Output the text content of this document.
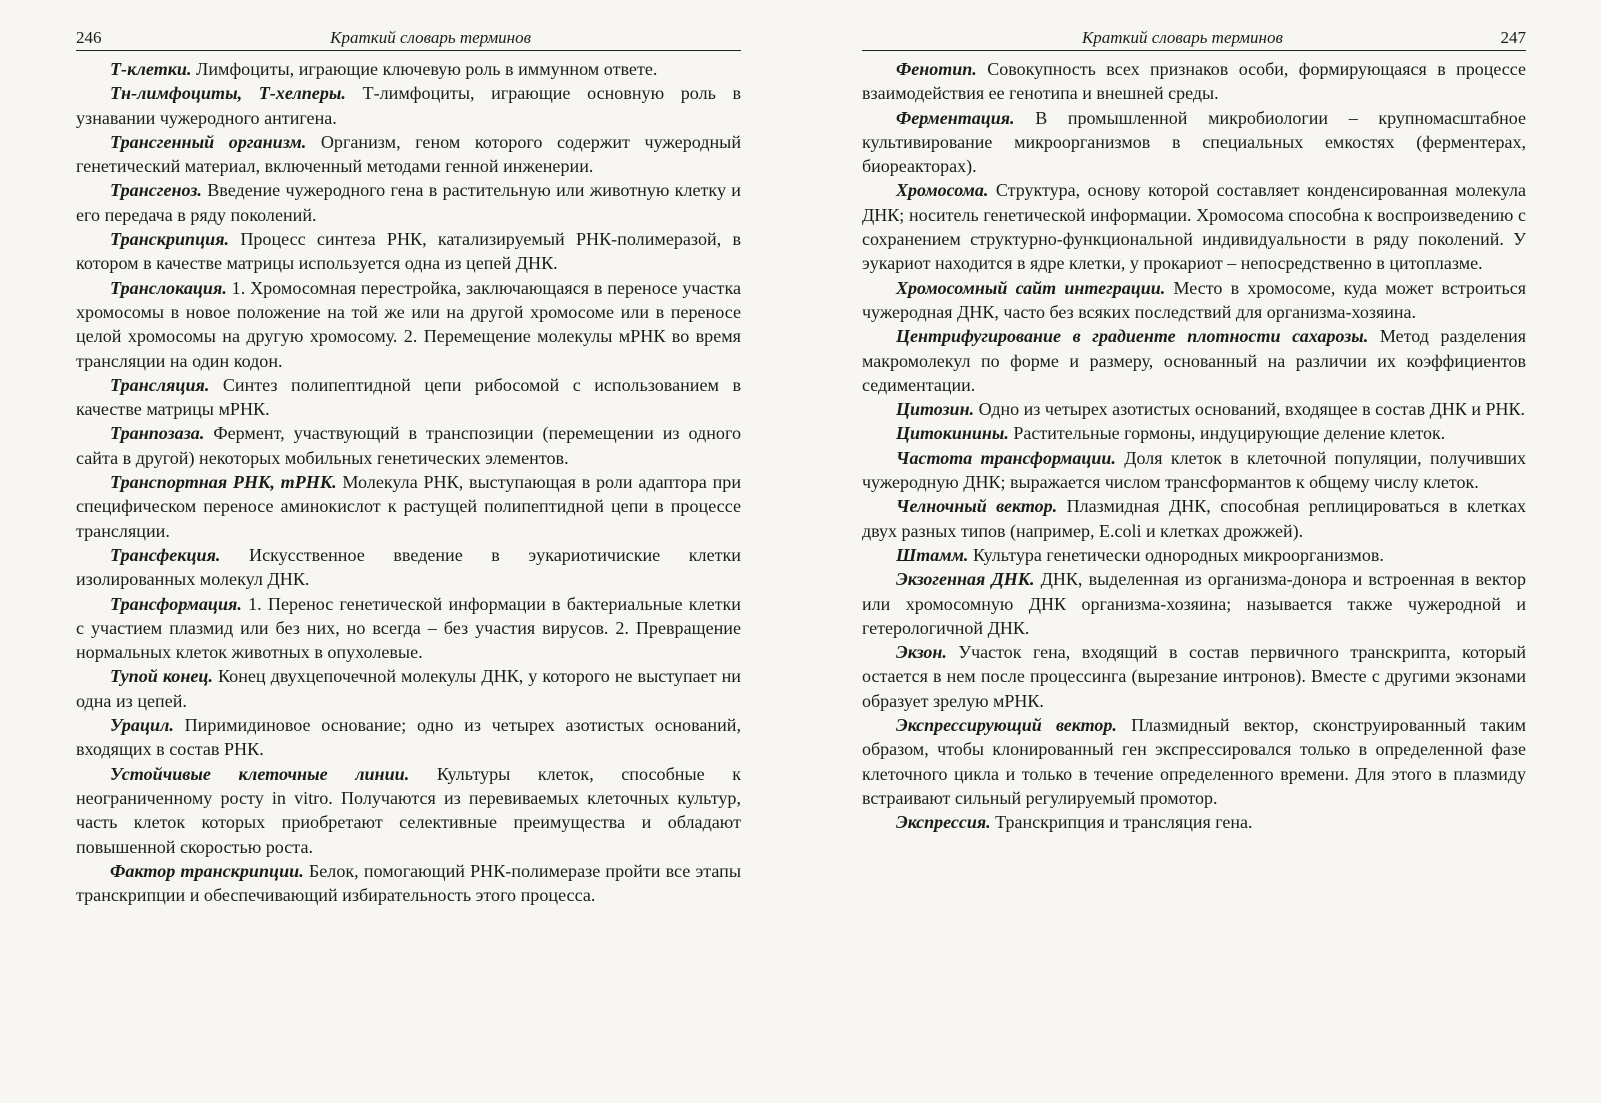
246	Краткий словарь терминов

Т-клетки. Лимфоциты, играющие ключевую роль в иммунном ответе.

Тн-лимфоциты, Т-хелперы. Т-лимфоциты, играющие основную роль в узнавании чужеродного антигена.

Трансгенный организм. Организм, геном которого содержит чужеродный генетический материал, включенный методами генной инженерии.

Трансгеноз. Введение чужеродного гена в растительную или животную клетку и его передача в ряду поколений.

Транскрипция. Процесс синтеза РНК, катализируемый РНК-полимеразой, в котором в качестве матрицы используется одна из цепей ДНК.

Транслокация. 1. Хромосомная перестройка, заключающаяся в переносе участка хромосомы в новое положение на той же или на другой хромосоме или в переносе целой хромосомы на другую хромосому. 2. Перемещение молекулы мРНК во время трансляции на один кодон.

Трансляция. Синтез полипептидной цепи рибосомой с использованием в качестве матрицы мРНК.

Транпозаза. Фермент, участвующий в транспозиции (перемещении из одного сайта в другой) некоторых мобильных генетических элементов.

Транспортная РНК, тРНК. Молекула РНК, выступающая в роли адаптора при специфическом переносе аминокислот к растущей полипептидной цепи в процессе трансляции.

Трансфекция. Искусственное введение в эукариотичиские клетки изолированных молекул ДНК.

Трансформация. 1. Перенос генетической информации в бактериальные клетки с участием плазмид или без них, но всегда – без участия вирусов. 2. Превращение нормальных клеток животных в опухолевые.

Тупой конец. Конец двухцепочечной молекулы ДНК, у которого не выступает ни одна из цепей.

Урацил. Пиримидиновое основание; одно из четырех азотистых оснований, входящих в состав РНК.

Устойчивые клеточные линии. Культуры клеток, способные к неограниченному росту in vitro. Получаются из перевиваемых клеточных культур, часть клеток которых приобретают селективные преимущества и обладают повышенной скоростью роста.

Фактор транскрипции. Белок, помогающий РНК-полимеразе пройти все этапы транскрипции и обеспечивающий избирательность этого процесса.

Краткий словарь терминов	247

Фенотип. Совокупность всех признаков особи, формирующаяся в процессе взаимодействия ее генотипа и внешней среды.

Ферментация. В промышленной микробиологии – крупномасштабное культивирование микроорганизмов в специальных емкостях (ферментерах, биореакторах).

Хромосома. Структура, основу которой составляет конденсированная молекула ДНК; носитель генетической информации. Хромосома способна к воспроизведению с сохранением структурно-функциональной индивидуальности в ряду поколений. У эукариот находится в ядре клетки, у прокариот – непосредственно в цитоплазме.

Хромосомный сайт интеграции. Место в хромосоме, куда может встроиться чужеродная ДНК, часто без всяких последствий для организма-хозяина.

Центрифугирование в градиенте плотности сахарозы. Метод разделения макромолекул по форме и размеру, основанный на различии их коэффициентов седиментации.

Цитозин. Одно из четырех азотистых оснований, входящее в состав ДНК и РНК.

Цитокинины. Растительные гормоны, индуцирующие деление клеток.

Частота трансформации. Доля клеток в клеточной популяции, получивших чужеродную ДНК; выражается числом трансформантов к общему числу клеток.

Челночный вектор. Плазмидная ДНК, способная реплицироваться в клетках двух разных типов (например, E.coli и клетках дрожжей).

Штамм. Культура генетически однородных микроорганизмов.

Экзогенная ДНК. ДНК, выделенная из организма-донора и встроенная в вектор или хромосомную ДНК организма-хозяина; называется также чужеродной и гетерологичной ДНК.

Экзон. Участок гена, входящий в состав первичного транскрипта, который остается в нем после процессинга (вырезание интронов). Вместе с другими экзонами образует зрелую мРНК.

Экспрессирующий вектор. Плазмидный вектор, сконструированный таким образом, чтобы клонированный ген экспрессировался только в определенной фазе клеточного цикла и только в течение определенного времени. Для этого в плазмиду встраивают сильный регулируемый промотор.

Экспрессия. Транскрипция и трансляция гена.
